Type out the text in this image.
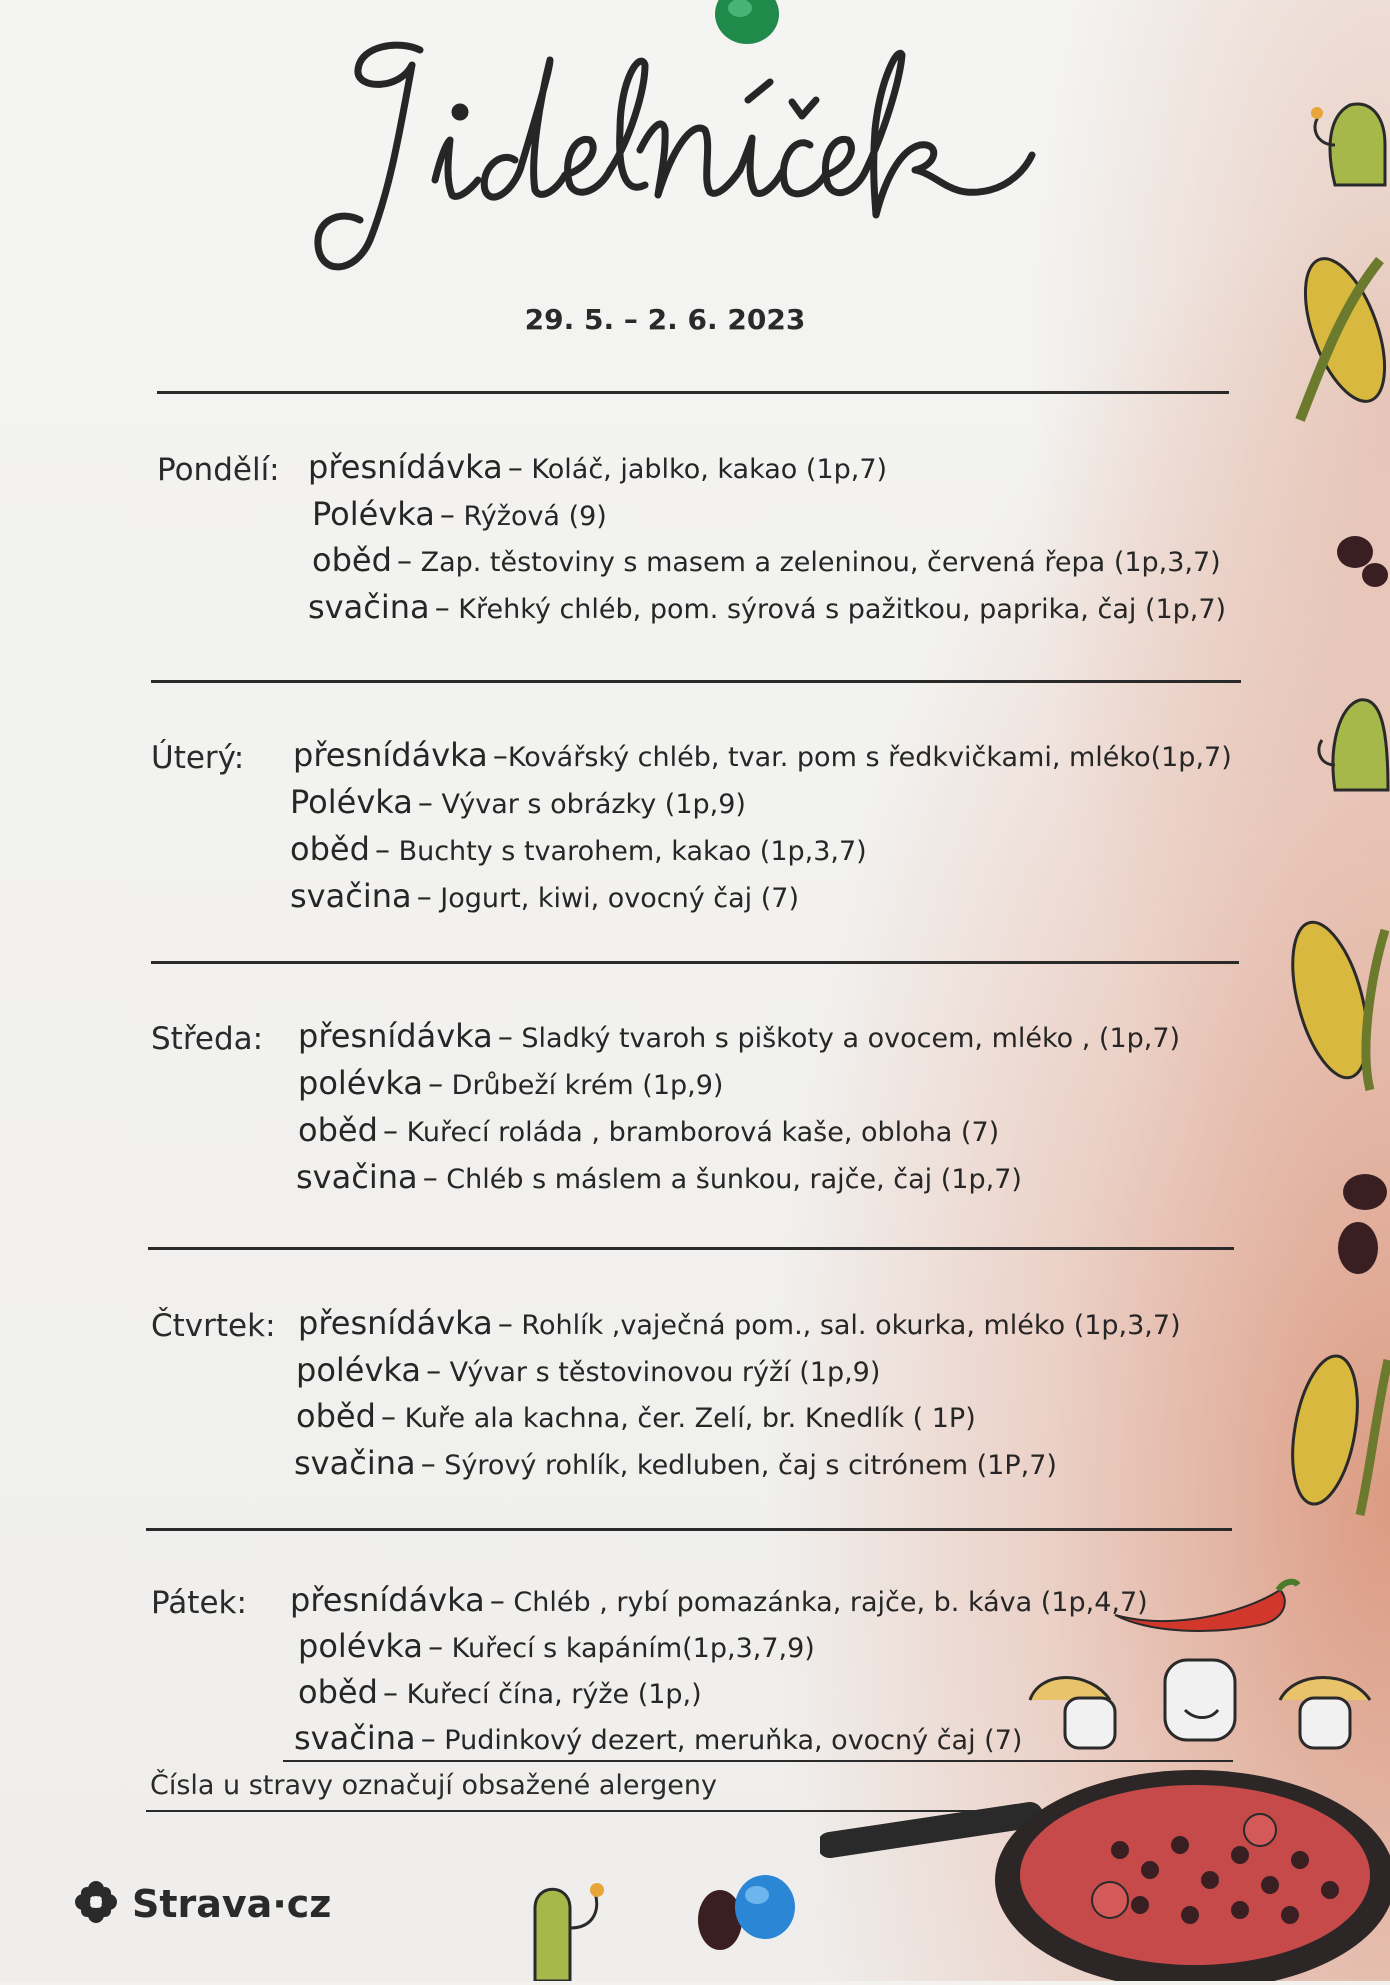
29. 5. – 2. 6. 2023
Pondělí: přesnídávka – Koláč, jablko, kakao (1p,7)
Polévka – Rýžová (9)
oběd – Zap. těstoviny s masem a zeleninou, červená řepa (1p,3,7)
svačina – Křehký chléb, pom. sýrová s pažitkou, paprika, čaj (1p,7)
Úterý: přesnídávka –Kovářský chléb, tvar. pom s ředkvičkami, mléko(1p,7)
Polévka – Vývar s obrázky (1p,9)
oběd – Buchty s tvarohem, kakao (1p,3,7)
svačina – Jogurt, kiwi, ovocný čaj (7)
Středa: přesnídávka – Sladký tvaroh s piškoty a ovocem, mléko , (1p,7)
polévka – Drůbeží krém (1p,9)
oběd – Kuřecí roláda , bramborová kaše, obloha (7)
svačina – Chléb s máslem a šunkou, rajče, čaj (1p,7)
Čtvrtek: přesnídávka – Rohlík ,vaječná pom., sal. okurka, mléko (1p,3,7)
polévka – Vývar s těstovinovou rýží (1p,9)
oběd – Kuře ala kachna, čer. Zelí, br. Knedlík ( 1P)
svačina – Sýrový rohlík, kedluben, čaj s citrónem (1P,7)
Pátek: přesnídávka – Chléb , rybí pomazánka, rajče, b. káva (1p,4,7)
polévka – Kuřecí s kapáním(1p,3,7,9)
oběd – Kuřecí čína, rýže (1p,)
svačina – Pudinkový dezert, meruňka, ovocný čaj (7)
Čísla u stravy označují obsažené alergeny
Strava·cz
